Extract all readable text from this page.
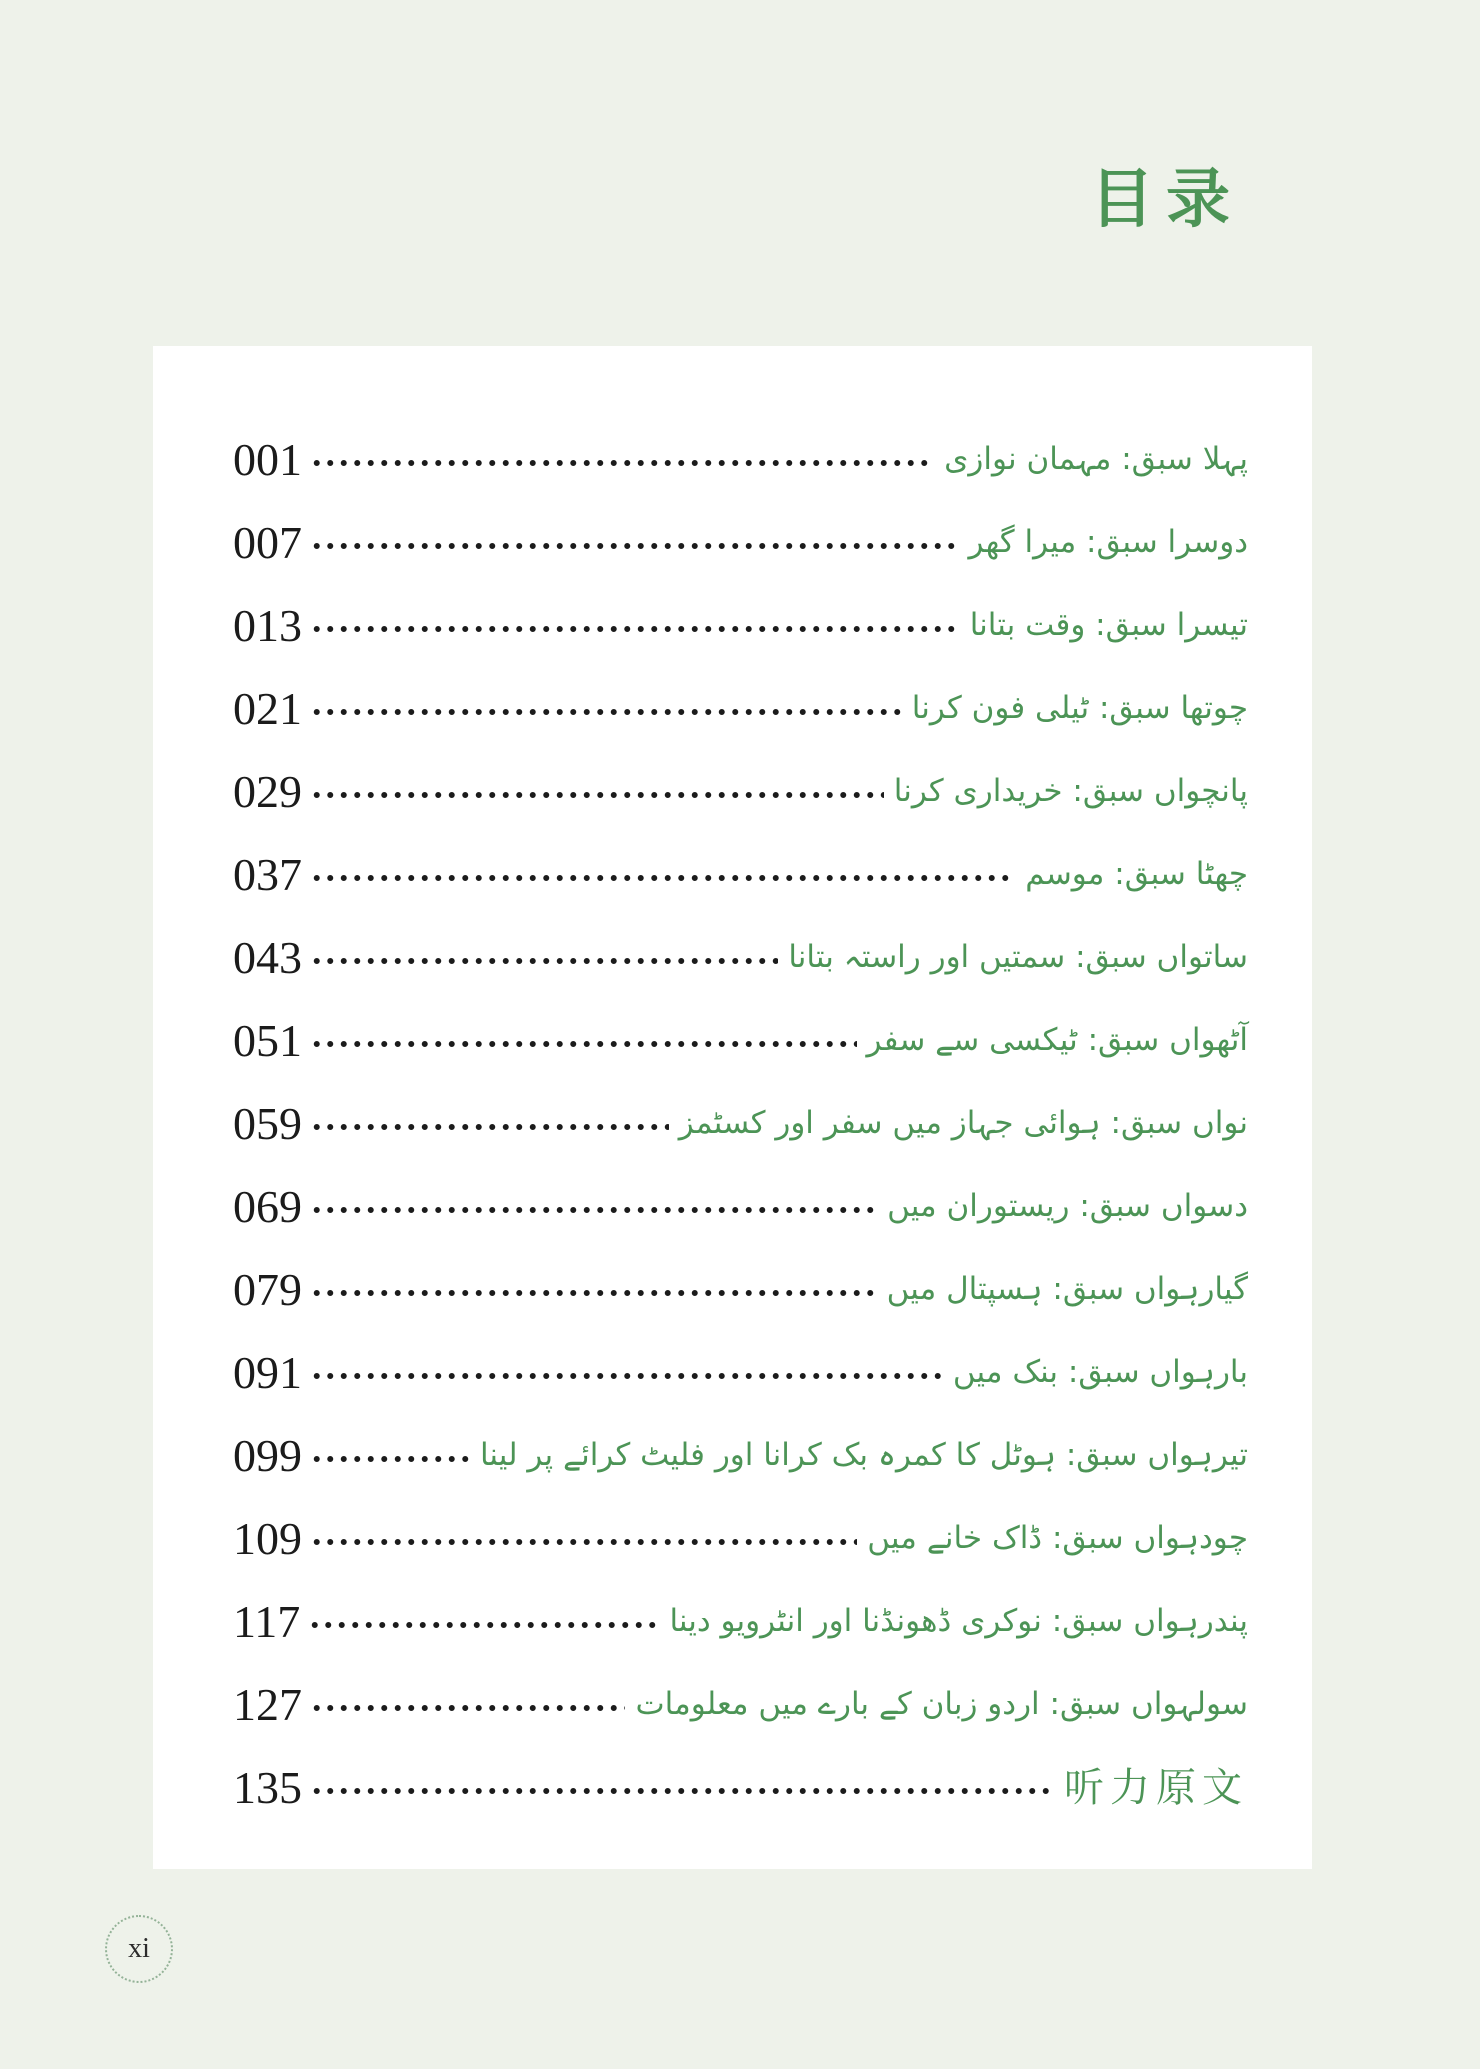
目录
001	پہلا سبق: مہمان نوازی
007	دوسرا سبق: میرا گھر
013	تیسرا سبق: وقت بتانا
021	چوتھا سبق: ٹیلی فون کرنا
029	پانچواں سبق: خریداری کرنا
037	چھٹا سبق: موسم
043	ساتواں سبق: سمتیں اور راستہ بتانا
051	آٹھواں سبق: ٹیکسی سے سفر
059	نواں سبق: ہوائی جہاز میں سفر اور کسٹمز
069	دسواں سبق: ریستوران میں
079	گیارہواں سبق: ہسپتال میں
091	بارہواں سبق: بنک میں
099	تیرہواں سبق: ہوٹل کا کمرہ بک کرانا اور فلیٹ کرائے پر لینا
109	چودہواں سبق: ڈاک خانے میں
117	پندرہواں سبق: نوکری ڈھونڈنا اور انٹرویو دینا
127	سولہواں سبق: اردو زبان کے بارے میں معلومات
135	听力原文
xi
